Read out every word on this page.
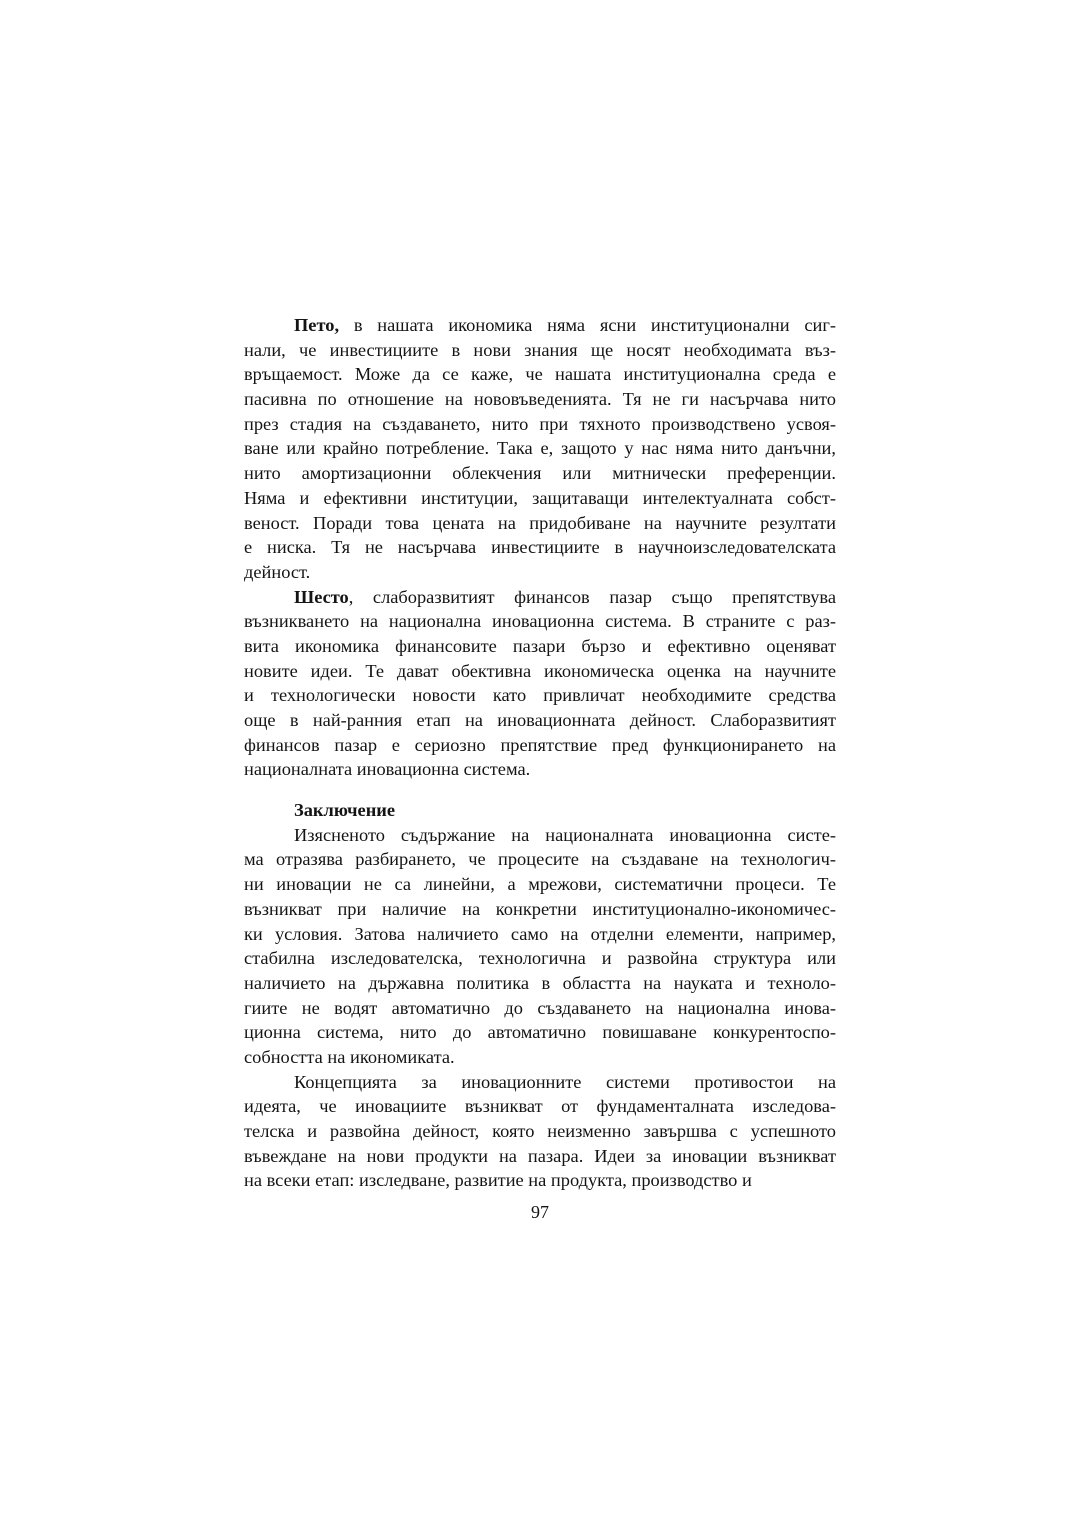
Пето, в нашата икономика няма ясни институционални сиг-
нали, че инвестициите в нови знания ще носят необходимата въз-
връщаемост. Може да се каже, че нашата институционална среда е
пасивна по отношение на нововъведенията. Тя не ги насърчава нито
през стадия на създаването, нито при тяхното производствено усвоя-
ване или крайно потребление. Така е, защото у нас няма нито данъчни,
нито амортизационни облекчения или митнически преференции.
Няма и ефективни институции, защитаващи интелектуалната собст-
веност. Поради това цената на придобиване на научните резултати
е ниска. Тя не насърчава инвестициите в научноизследователската
дейност.
Шесто, слаборазвитият финансов пазар също препятствува
възникването на национална иновационна система. В страните с раз-
вита икономика финансовите пазари бързо и ефективно оценяват
новите идеи. Те дават обективна икономическа оценка на научните
и технологически новости като привличат необходимите средства
още в най-ранния етап на иновационната дейност. Слаборазвитият
финансов пазар е сериозно препятствие пред функционирането на
националната иновационна система.
Заключение
Изясненото съдържание на националната иновационна систе-
ма отразява разбирането, че процесите на създаване на технологич-
ни иновации не са линейни, а мрежови, систематични процеси. Те
възникват при наличие на конкретни институционално-икономичес-
ки условия. Затова наличието само на отделни елементи, например,
стабилна изследователска, технологична и развойна структура или
наличието на държавна политика в областта на науката и техноло-
гиите не водят автоматично до създаването на национална инова-
ционна система, нито до автоматично повишаване конкурентоспо-
собността на икономиката.
Концепцията за иновационните системи противостои на
идеята, че иновациите възникват от фундаменталната изследова-
телска и развойна дейност, която неизменно завършва с успешното
въвеждане на нови продукти на пазара. Идеи за иновации възникват
на всеки етап: изследване, развитие на продукта, производство и
97
